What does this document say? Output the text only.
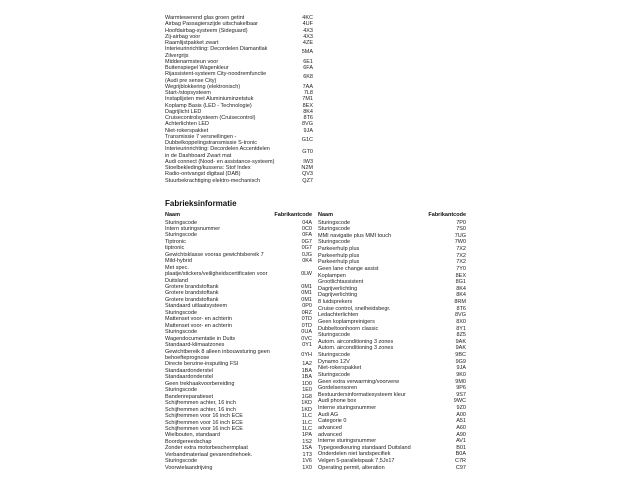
Warmtewerend glas groen getint	4KC
Airbag Passagierszijde uitschakelbaar	4UF
Hoofdairbag-systeem (Sideguard)	4X3
Zij-airbag voor	4X3
Raamlijstpakket zwart	4ZE
Interieurinrichting: Decordelen Diamantlak
Zilvergrijs
5MA
Middenarmsteun voor	6E1
Buitenspiegel Wagenkleur	6FA
Rijassistent-systeem City-noodremfunctie
(Audi pre sense City)
6K8
Wegrijblokkering (elektronisch)	7AA
Start-/stopsysteem	7L8
Instaplijsten met Aluminiuminzetstuk	7M1
Koplamp Basis (LED - Technologie)	8EX
Dagrijlicht LED	8K4
Cruisecontrolsysteem (Cruisecontrol)	8T6
Achterlichten LED	8VG
Niet-rokerspakket	9JA
Transmissie 7 versnellingen -
Dubbelkoppelingstransmissie S-tronic
G1C
Interieurinrichting: Decordelen Accentdelen
in de Dashboard Zwart mat
GT0
Audi connect (Nood- en assistance-systeem)	IW3
Stoelbekleding/kussens: Stof Index	N2M
Radio-ontvangst digitaal (DAB)	QV3
Stuurbekrachtiging elektro-mechanisch	QZ7
Fabrieksinformatie
Naam	Fabrikantcode
Sturingscode	04A
Intern sturingsnummer	0C0
Sturingscode	0FA
Tiptronic	0G7
tiptronic	0G7
Gewichtsklasse vooras gewichtsbereik 7	0JG
Mild-hybrid	0K4
Met spec.
plaatje/stickers/veiligheidscertificaten voor
Duitsland
0LW
Grotere brandstoftank	0M1
Grotere brandstoftank	0M1
Grotere brandstoftank	0M1
Standaard uitlaatsysteem	0P0
Sturingscode	0RZ
Mattenset voor- en achterin	0TD
Mattenset voor- en achterin	0TD
Sturingscode	0UA
Wagendocumentatie in Duits	0VC
Standaard-klimaatzones	0Y1
Gewichtbereik 8 alleen inbouwsturing geen
behoefteprognose
0YH
Directe benzine-inspuiting FSI	1A2
Standaardonderstel	1BA
Standaardonderstel	1BA
Geen trekhaakvoorbereiding	1D0
Sturingscode	1E0
Bandenreparatieset	1G8
Schijfremmen achter, 16 inch	1KD
Schijfremmen achter, 16 inch	1KD
Schijfremmen voor 16 inch ECE	1LC
Schijfremmen voor 16 inch ECE	1LC
Schijfremmen voor 16 inch ECE	1LC
Wielbouten, standaard	1PA
Boordgereedschap	1S2
Zonder extra motorbeschermplaat	1SA
Verbandmateriaal gevarendriehoek.	1T3
Sturingscode	1V6
Voorwielaandrijving	1X0
Naam	Fabrikantcode
Sturingscode	7P0
Sturingscode	7S0
MMI navigatie plus MMI touch	7UG
Sturingscode	7W0
Parkeerhulp plus	7X2
Parkeerhulp plus	7X2
Parkeerhulp plus	7X2
Geen lane change assist	7Y0
Koplampen	8EX
Grootlichtassistent	8G1
Dagrijverlichting	8K4
Dagrijverlichting	8K4
8 luidsprekers	8RM
Cruise control, snelheidsbegr.	8T6
Ledachterlichten	8VG
Geen koplampreinigers	8X0
Dubbeltoonhoorn classic	8Y1
Sturingscode	8Z5
Autom. airconditioning 3 zones	9AK
Autom. airconditioning 3 zones	9AK
Sturingscode	9BC
Dynamo 12V	9G9
Niet-rokerspakket	9JA
Sturingscode	9K0
Geen extra verwarming/voorverw	9M0
Gordelsensoren	9P6
Bestuurdersinformatiesysteem kleur	9S7
Audi phone box	9WC
Interne sturingsnummer	9Z0
Audi AG	A00
Categorie 0	A51
advanced	A60
advanced	A90
Interne sturingsnummer	AV1
Typegoedkeuring standaard Duitsland	B01
Onderdelen niet landspecifiek	B0A
Velgen 5-parallelspaak 7,5Jx17	C7R
Operating permit, alteration	C97
